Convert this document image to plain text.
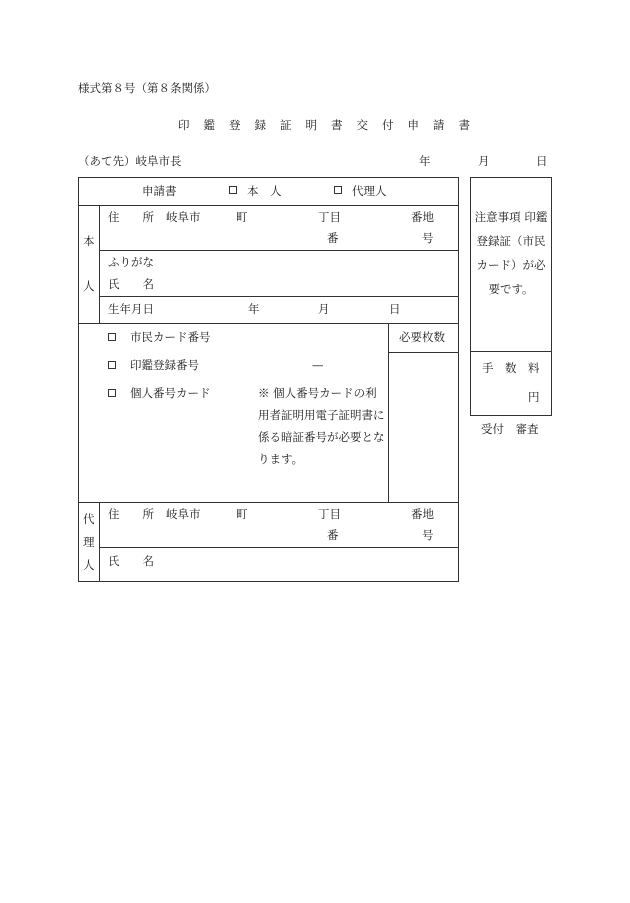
様式第８号（第８条関係）
印鑑登録証明書交付申請書
（あて先）岐阜市長	年	月	日
申請書	本　人	代理人
本
人
住　　所 岐阜市	町	丁目	番地
番	号
ふりがな
氏　　名
生年月日	年	月	日
市民カード番号
印鑑登録番号	—
個人番号カード	※ 個人番号カードの利用者証明用電子証明書に係る暗証番号が必要となります。
必要枚数
代
理
人
住　　所 岐阜市	町	丁目	番地
番	号
氏　　名
注意事項 印鑑登録証（市民カード）が必要です。
手　数　料
円
受付　審査
